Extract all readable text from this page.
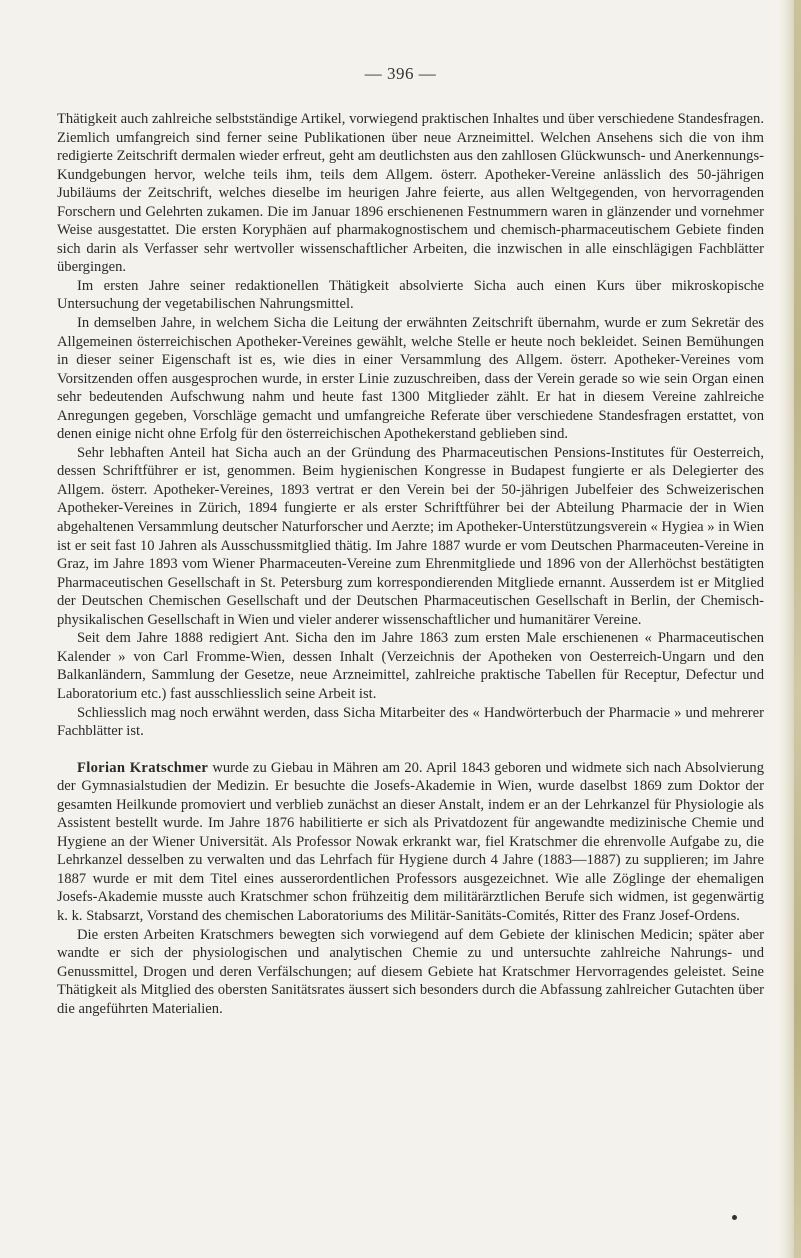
— 396 —

Thätigkeit auch zahlreiche selbstständige Artikel, vorwiegend praktischen Inhaltes und über verschiedene Standesfragen. Ziemlich umfangreich sind ferner seine Publikationen über neue Arzneimittel. Welchen Ansehens sich die von ihm redigierte Zeitschrift dermalen wieder erfreut, geht am deutlichsten aus den zahllosen Glückwunsch- und Anerkennungs-Kundgebungen hervor, welche teils ihm, teils dem Allgem. österr. Apotheker-Vereine anlässlich des 50-jährigen Jubiläums der Zeitschrift, welches dieselbe im heurigen Jahre feierte, aus allen Weltgegenden, von hervorragenden Forschern und Gelehrten zukamen. Die im Januar 1896 erschienenen Festnummern waren in glänzender und vornehmer Weise ausgestattet. Die ersten Koryphäen auf pharmakognostischem und chemisch-pharmaceutischem Gebiete finden sich darin als Verfasser sehr wertvoller wissenschaftlicher Arbeiten, die inzwischen in alle einschlägigen Fachblätter übergingen.

Im ersten Jahre seiner redaktionellen Thätigkeit absolvierte Sicha auch einen Kurs über mikroskopische Untersuchung der vegetabilischen Nahrungsmittel.

In demselben Jahre, in welchem Sicha die Leitung der erwähnten Zeitschrift übernahm, wurde er zum Sekretär des Allgemeinen österreichischen Apotheker-Vereines gewählt, welche Stelle er heute noch bekleidet. Seinen Bemühungen in dieser seiner Eigenschaft ist es, wie dies in einer Versammlung des Allgem. österr. Apotheker-Vereines vom Vorsitzenden offen ausgesprochen wurde, in erster Linie zuzuschreiben, dass der Verein gerade so wie sein Organ einen sehr bedeutenden Aufschwung nahm und heute fast 1300 Mitglieder zählt. Er hat in diesem Vereine zahlreiche Anregungen gegeben, Vorschläge gemacht und umfangreiche Referate über verschiedene Standesfragen erstattet, von denen einige nicht ohne Erfolg für den österreichischen Apothekerstand geblieben sind.

Sehr lebhaften Anteil hat Sicha auch an der Gründung des Pharmaceutischen Pensions-Institutes für Oesterreich, dessen Schriftführer er ist, genommen. Beim hygienischen Kongresse in Budapest fungierte er als Delegierter des Allgem. österr. Apotheker-Vereines, 1893 vertrat er den Verein bei der 50-jährigen Jubelfeier des Schweizerischen Apotheker-Vereines in Zürich, 1894 fungierte er als erster Schriftführer bei der Abteilung Pharmacie der in Wien abgehaltenen Versammlung deutscher Naturforscher und Aerzte; im Apotheker-Unterstützungsverein « Hygiea » in Wien ist er seit fast 10 Jahren als Ausschussmitglied thätig. Im Jahre 1887 wurde er vom Deutschen Pharmaceuten-Vereine in Graz, im Jahre 1893 vom Wiener Pharmaceuten-Vereine zum Ehrenmitgliede und 1896 von der Allerhöchst bestätigten Pharmaceutischen Gesellschaft in St. Petersburg zum korrespondierenden Mitgliede ernannt. Ausserdem ist er Mitglied der Deutschen Chemischen Gesellschaft und der Deutschen Pharmaceutischen Gesellschaft in Berlin, der Chemisch-physikalischen Gesellschaft in Wien und vieler anderer wissenschaftlicher und humanitärer Vereine.

Seit dem Jahre 1888 redigiert Ant. Sicha den im Jahre 1863 zum ersten Male erschienenen « Pharmaceutischen Kalender » von Carl Fromme-Wien, dessen Inhalt (Verzeichnis der Apotheken von Oesterreich-Ungarn und den Balkanländern, Sammlung der Gesetze, neue Arzneimittel, zahlreiche praktische Tabellen für Receptur, Defectur und Laboratorium etc.) fast ausschliesslich seine Arbeit ist.

Schliesslich mag noch erwähnt werden, dass Sicha Mitarbeiter des « Handwörterbuch der Pharmacie » und mehrerer Fachblätter ist.

Florian Kratschmer wurde zu Giebau in Mähren am 20. April 1843 geboren und widmete sich nach Absolvierung der Gymnasialstudien der Medizin. Er besuchte die Josefs-Akademie in Wien, wurde daselbst 1869 zum Doktor der gesamten Heilkunde promoviert und verblieb zunächst an dieser Anstalt, indem er an der Lehrkanzel für Physiologie als Assistent bestellt wurde. Im Jahre 1876 habilitierte er sich als Privatdozent für angewandte medizinische Chemie und Hygiene an der Wiener Universität. Als Professor Nowak erkrankt war, fiel Kratschmer die ehrenvolle Aufgabe zu, die Lehrkanzel desselben zu verwalten und das Lehrfach für Hygiene durch 4 Jahre (1883—1887) zu supplieren; im Jahre 1887 wurde er mit dem Titel eines ausserordentlichen Professors ausgezeichnet. Wie alle Zöglinge der ehemaligen Josefs-Akademie musste auch Kratschmer schon frühzeitig dem militärärztlichen Berufe sich widmen, ist gegenwärtig k. k. Stabsarzt, Vorstand des chemischen Laboratoriums des Militär-Sanitäts-Comités, Ritter des Franz Josef-Ordens.

Die ersten Arbeiten Kratschmers bewegten sich vorwiegend auf dem Gebiete der klinischen Medicin; später aber wandte er sich der physiologischen und analytischen Chemie zu und untersuchte zahlreiche Nahrungs- und Genussmittel, Drogen und deren Verfälschungen; auf diesem Gebiete hat Kratschmer Hervorragendes geleistet. Seine Thätigkeit als Mitglied des obersten Sanitätsrates äussert sich besonders durch die Abfassung zahlreicher Gutachten über die angeführten Materialien.
